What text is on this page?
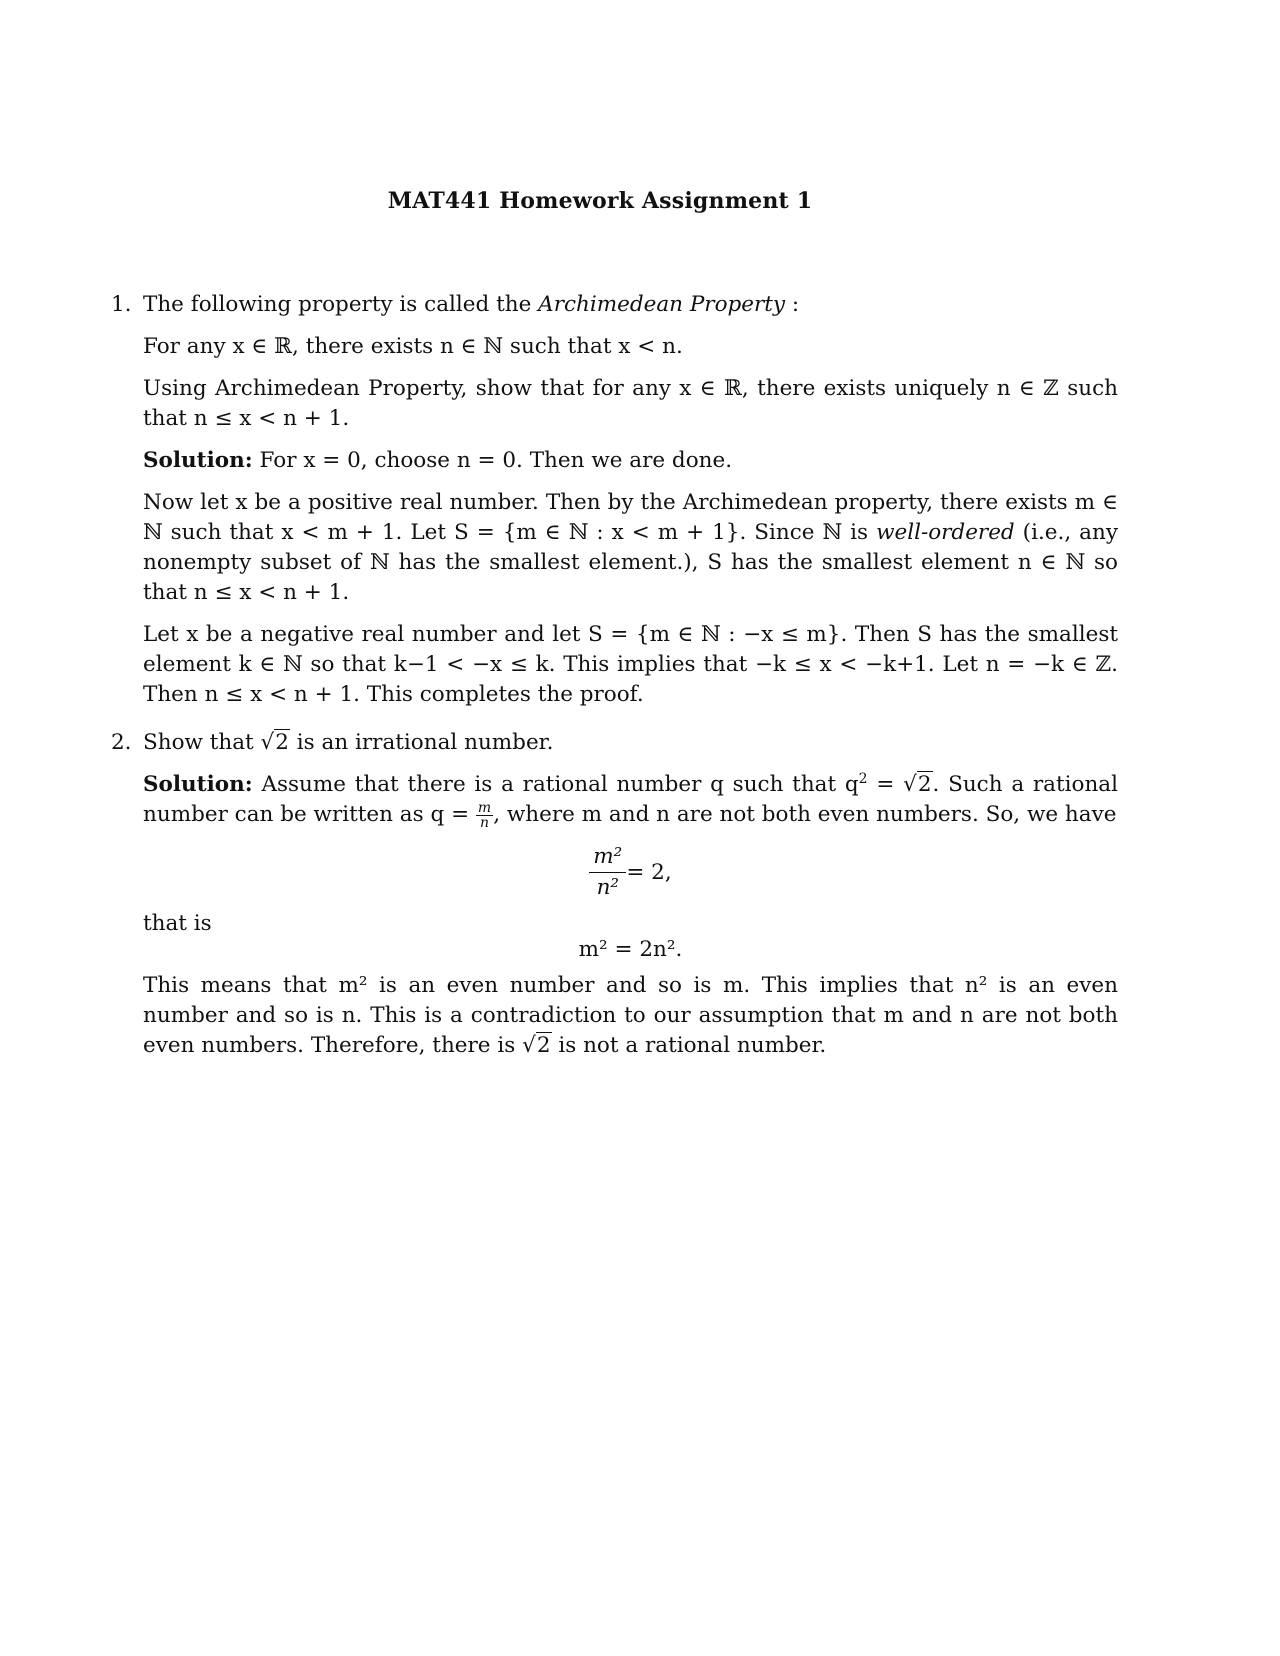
MAT441 Homework Assignment 1
1. The following property is called the Archimedean Property :

For any x ∈ ℝ, there exists n ∈ ℕ such that x < n.

Using Archimedean Property, show that for any x ∈ ℝ, there exists uniquely n ∈ ℤ such that n ≤ x < n + 1.

Solution: For x = 0, choose n = 0. Then we are done.

Now let x be a positive real number. Then by the Archimedean property, there exists m ∈ ℕ such that x < m + 1. Let S = {m ∈ ℕ : x < m + 1}. Since ℕ is well-ordered (i.e., any nonempty subset of ℕ has the smallest element.), S has the smallest element n ∈ ℕ so that n ≤ x < n + 1.

Let x be a negative real number and let S = {m ∈ ℕ : −x ≤ m}. Then S has the smallest element k ∈ ℕ so that k−1 < −x ≤ k. This implies that −k ≤ x < −k+1. Let n = −k ∈ ℤ. Then n ≤ x < n + 1. This completes the proof.

2. Show that √2 is an irrational number.

Solution: Assume that there is a rational number q such that $q^2 = √2$. Such a rational number can be written as $q = \frac{m}{n}$ , where m and n are not both even numbers. So, we have

$\frac{\text{m²}}{\text{n²}} = 2$,

that is

m² = 2n².

This means that m² is an even number and so is m. This implies that n² is an even number and so is n. This is a contradiction to our assumption that m and n are not both even numbers. Therefore, there is √2 is not a rational number.
